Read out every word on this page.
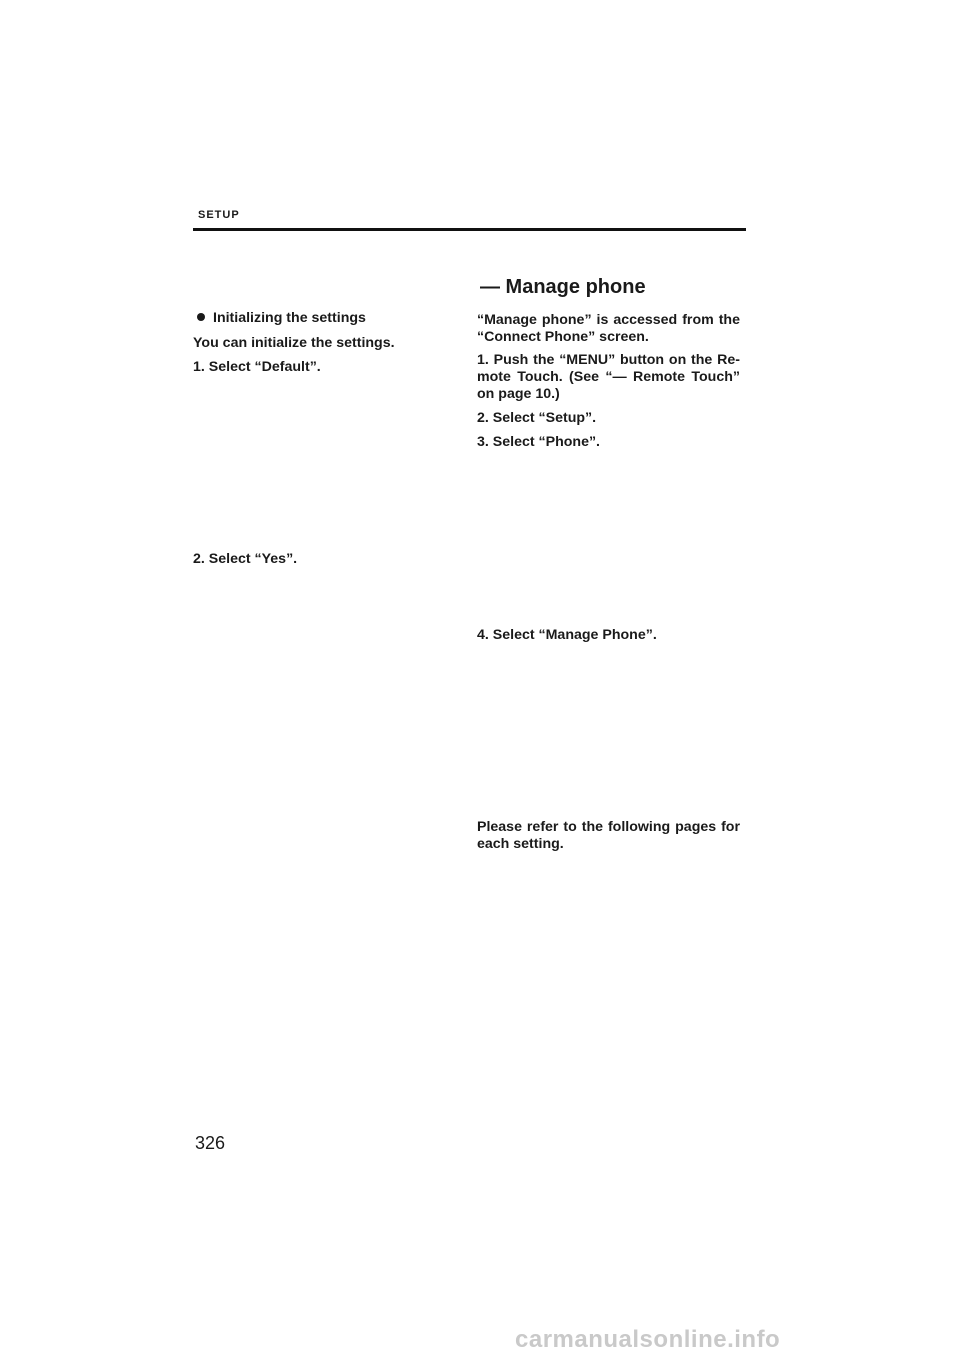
SETUP
Initializing the settings
You can initialize the settings.
1. Select “Default”.
2. Select “Yes”.
— Manage phone
“Manage phone” is accessed from the
“Connect Phone” screen.
1. Push the “MENU” button on the Re-
mote Touch. (See “— Remote Touch”
on page 10.)
2. Select “Setup”.
3. Select “Phone”.
4. Select “Manage Phone”.
Please refer to the following pages for
each setting.
326
carmanualsonline.info
